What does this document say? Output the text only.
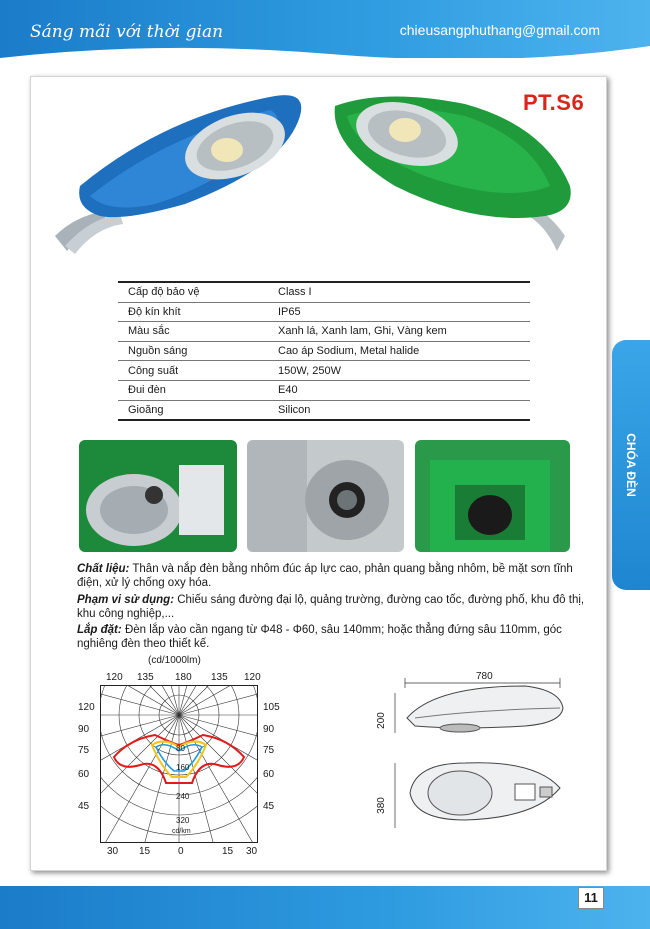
Sáng mãi với thời gian	chieusangphuthang@gmail.com
PT.S6
Cấp độ bảo vệ	Class I
Độ kín khít	IP65
Màu sắc	Xanh lá, Xanh lam, Ghi, Vàng kem
Nguồn sáng	Cao áp Sodium, Metal halide
Công suất	150W, 250W
Đui đèn	E40
Gioăng	Silicon
Chất liệu: Thân và nắp đèn bằng nhôm đúc áp lực cao, phản quang bằng nhôm, bề mặt sơn tĩnh điện, xử lý chống oxy hóa.
Phạm vi sử dụng: Chiếu sáng đường đại lộ, quảng trường, đường cao tốc, đường phố, khu đô thị, khu công nghiệp,...
Lắp đặt: Đèn lắp vào cần ngang từ Φ48 - Φ60, sâu 140mm; hoặc thẳng đứng sâu 110mm, góc nghiêng đèn theo thiết kế.
(cd/1000lm)
120 135 180 135 120
120
90
75
60
45
105
90
75
60
45
30 15	0	15 30
80
160
240
320
cd/km
780
200
380
CHÓA ĐÈN
11
